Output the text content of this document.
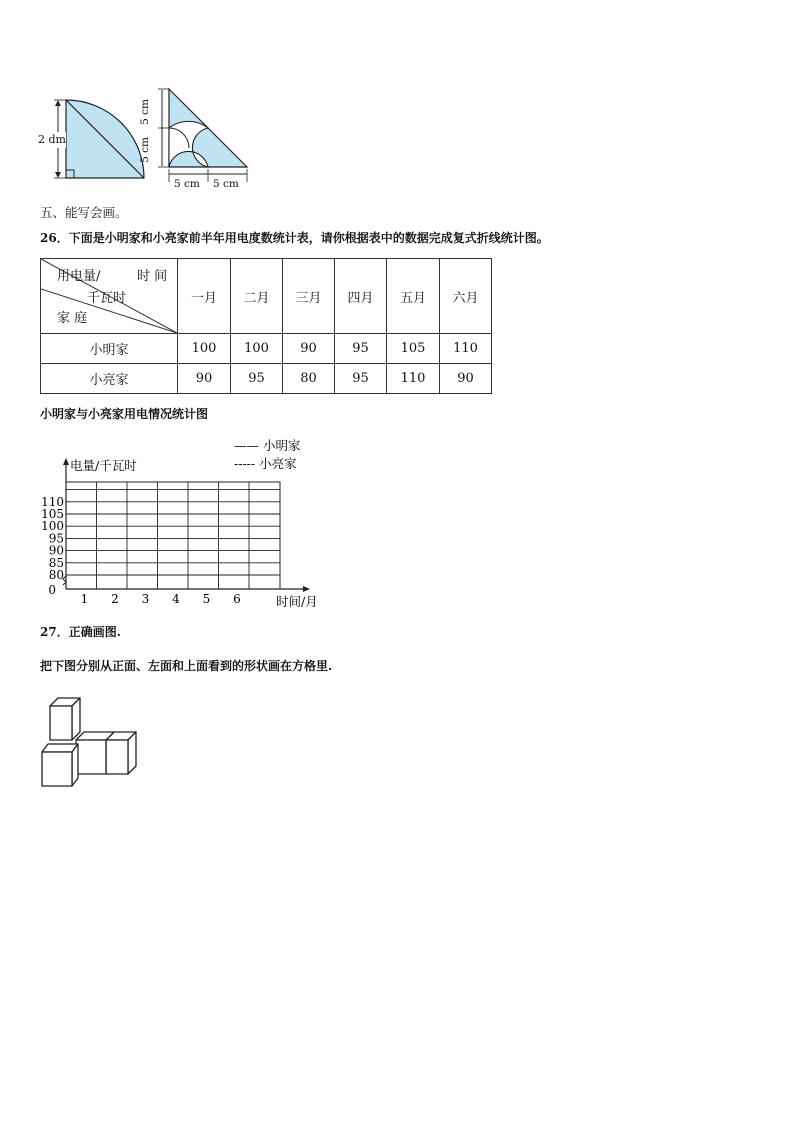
2 dm
5 cm
5 cm
5 cm 5 cm
五、能写会画。
26．下面是小明家和小亮家前半年用电度数统计表，请你根据表中的数据完成复式折线统计图。
用电量/ 时 间
千瓦时
家 庭	一月	二月	三月	四月	五月	六月
小明家	100	100	90	95	105	110
小亮家	90	95	80	95	110	90
小明家与小亮家用电情况统计图
0
80
85
90
95
100
105
110
1 2 3 4 5 6
电量/千瓦时
时间/月
—— 小明家
----- 小亮家
27．正确画图.
把下图分别从正面、左面和上面看到的形状画在方格里.
